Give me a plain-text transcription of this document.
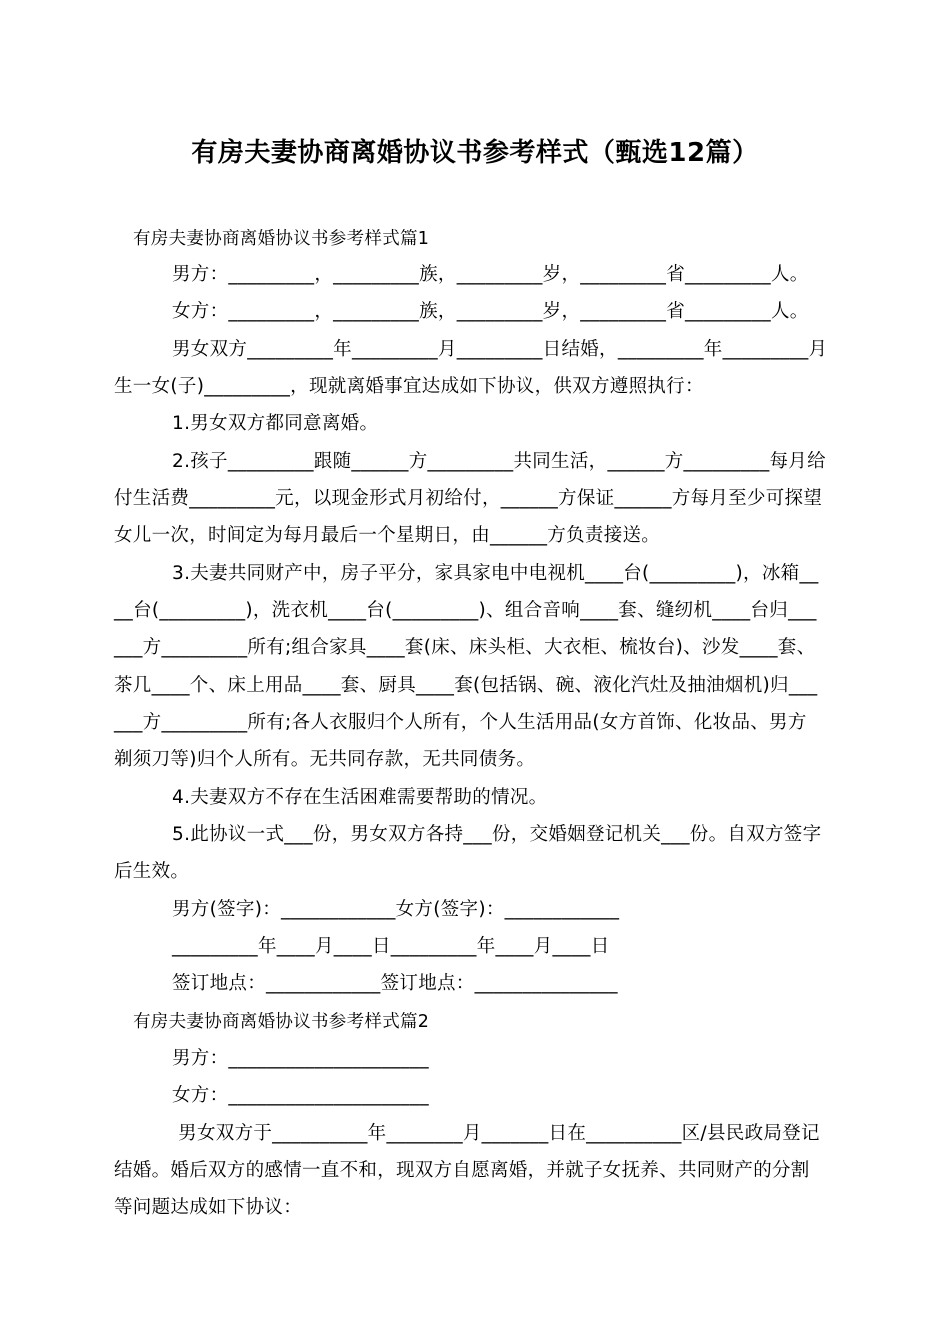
有房夫妻协商离婚协议书参考样式（甄选12篇）
有房夫妻协商离婚协议书参考样式篇1
男方：_________，_________族，_________岁，_________省_________人。
女方：_________，_________族，_________岁，_________省_________人。
男女双方_________年_________月_________日结婚，_________年_________月
生一女(子)_________，现就离婚事宜达成如下协议，供双方遵照执行：
1.男女双方都同意离婚。
2.孩子_________跟随______方_________共同生活，______方_________每月给
付生活费_________元，以现金形式月初给付，______方保证______方每月至少可探望
女儿一次，时间定为每月最后一个星期日，由______方负责接送。
3.夫妻共同财产中，房子平分，家具家电中电视机____台(_________)，冰箱__
__台(_________)，洗衣机____台(_________)、组合音响____套、缝纫机____台归___
___方_________所有;组合家具____套(床、床头柜、大衣柜、梳妆台)、沙发____套、
茶几____个、床上用品____套、厨具____套(包括锅、碗、液化汽灶及抽油烟机)归___
___方_________所有;各人衣服归个人所有，个人生活用品(女方首饰、化妆品、男方
剃须刀等)归个人所有。无共同存款，无共同债务。
4.夫妻双方不存在生活困难需要帮助的情况。
5.此协议一式___份，男女双方各持___份，交婚姻登记机关___份。自双方签字
后生效。
男方(签字)：____________女方(签字)：____________
_________年____月____日_________年____月____日
签订地点：____________签订地点：_______________
有房夫妻协商离婚协议书参考样式篇2
男方：_____________________
女方：_____________________
男女双方于__________年________月_______日在__________区/县民政局登记
结婚。婚后双方的感情一直不和，现双方自愿离婚，并就子女抚养、共同财产的分割
等问题达成如下协议：
